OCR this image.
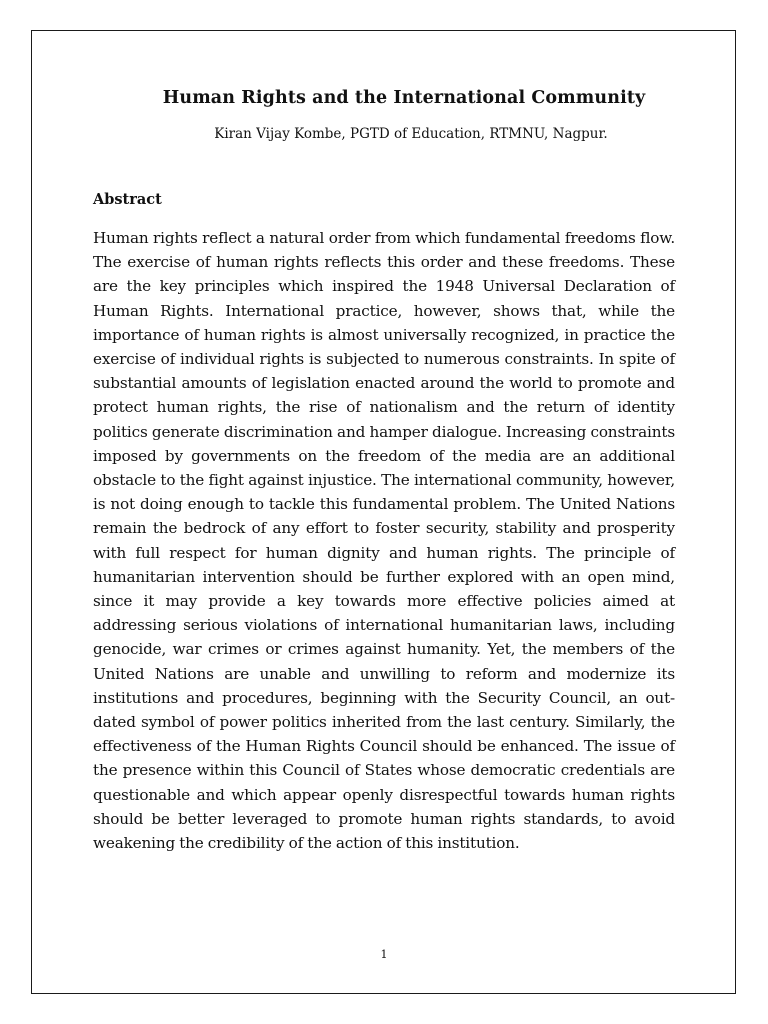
Human Rights and the International Community

Kiran Vijay Kombe, PGTD of Education, RTMNU, Nagpur.

Abstract

Human rights reflect a natural order from which fundamental freedoms flow. The exercise of human rights reflects this order and these freedoms. These are the key principles which inspired the 1948 Universal Declaration of Human Rights. International practice, however, shows that, while the importance of human rights is almost universally recognized, in practice the exercise of individual rights is subjected to numerous constraints. In spite of substantial amounts of legislation enacted around the world to promote and protect human rights, the rise of nationalism and the return of identity politics generate discrimination and hamper dialogue. Increasing constraints imposed by governments on the freedom of the media are an additional obstacle to the fight against injustice. The international community, however, is not doing enough to tackle this fundamental problem. The United Nations remain the bedrock of any effort to foster security, stability and prosperity with full respect for human dignity and human rights. The principle of humanitarian intervention should be further explored with an open mind, since it may provide a key towards more effective policies aimed at addressing serious violations of international humanitarian laws, including genocide, war crimes or crimes against humanity. Yet, the members of the United Nations are unable and unwilling to reform and modernize its institutions and procedures, beginning with the Security Council, an out-dated symbol of power politics inherited from the last century. Similarly, the effectiveness of the Human Rights Council should be enhanced. The issue of the presence within this Council of States whose democratic credentials are questionable and which appear openly disrespectful towards human rights should be better leveraged to promote human rights standards, to avoid weakening the credibility of the action of this institution.

1
